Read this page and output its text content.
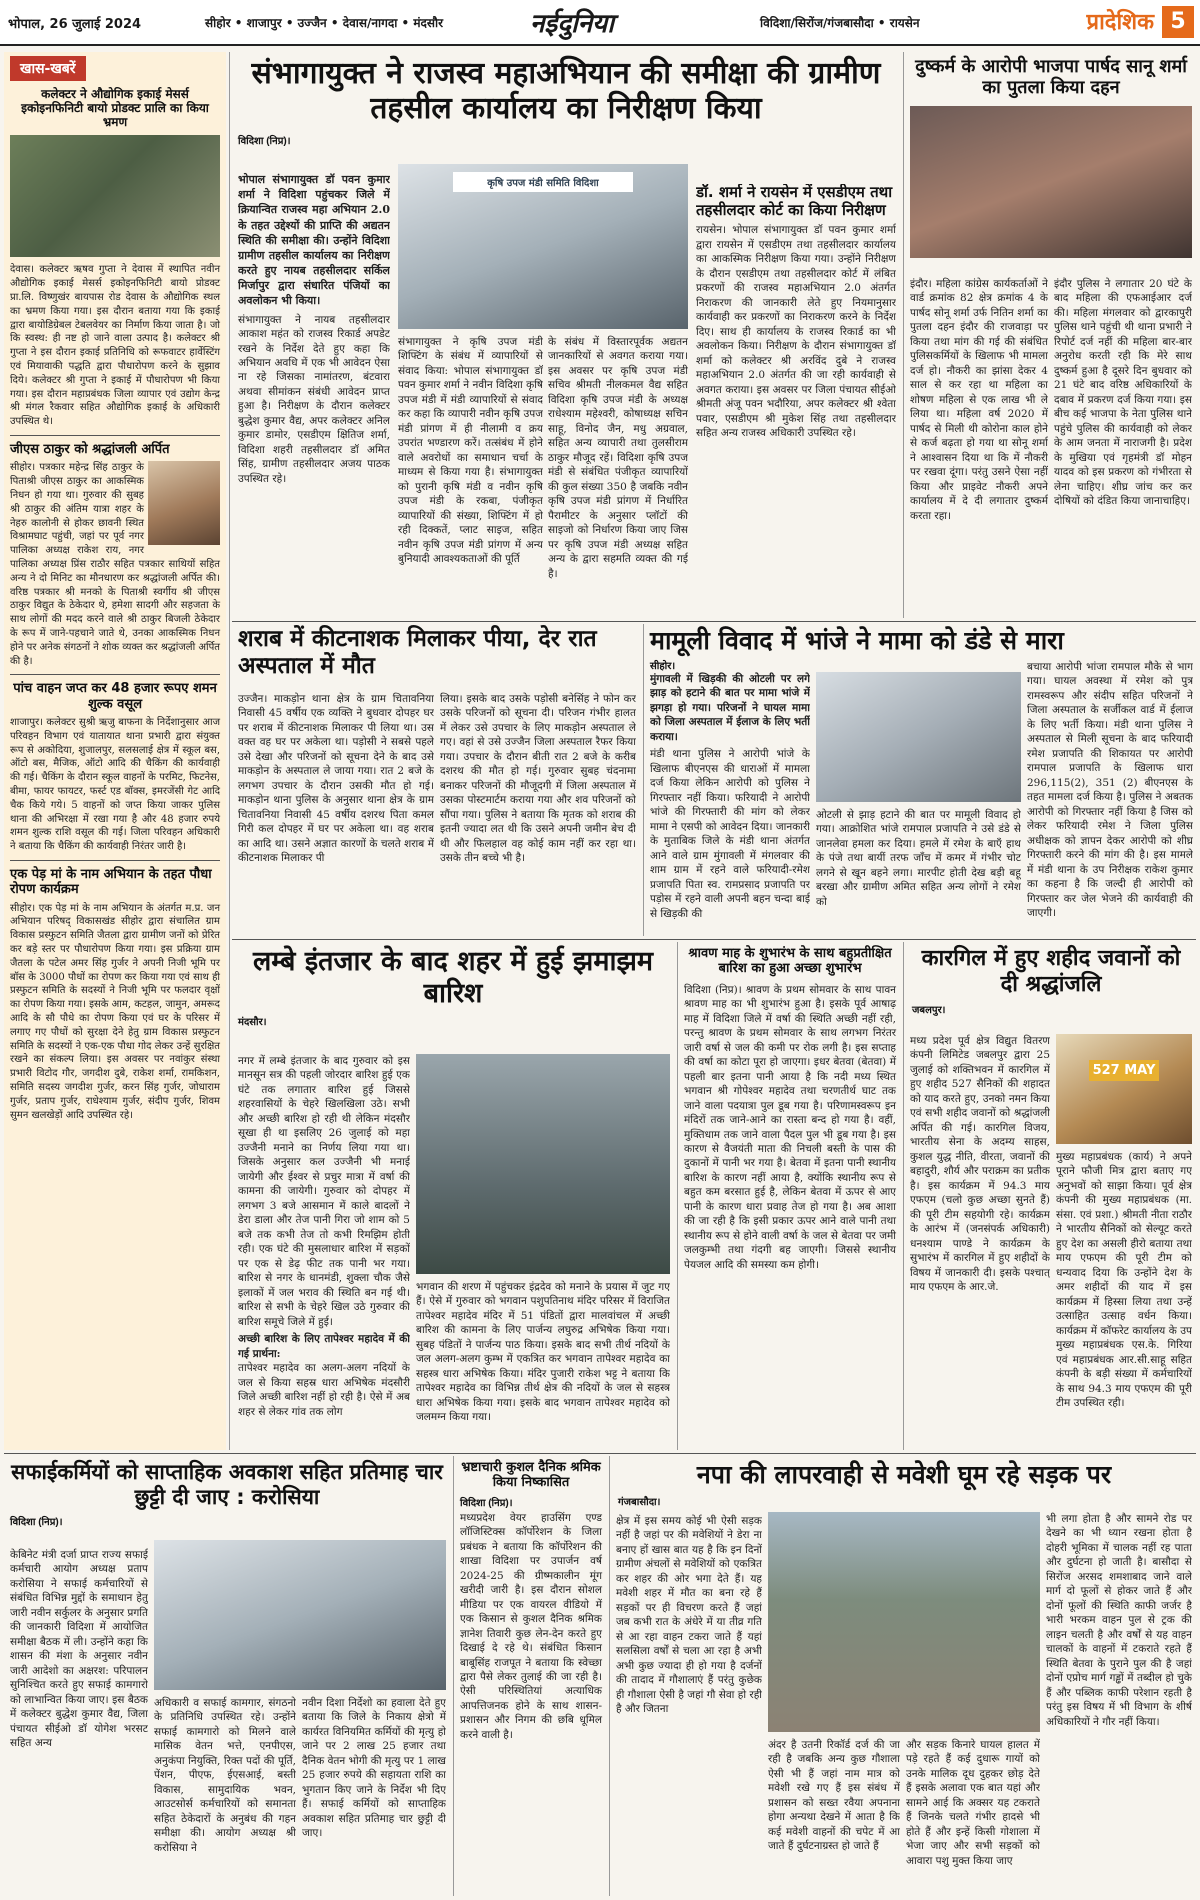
भोपाल, 26 जुलाई 2024	सीहोर • शाजापुर • उज्जैन • देवास/नागदा • मंदसौर	नईदुनिया	विदिशा/सिरोंज/गंजबासौदा • रायसेन	प्रादेशिक 5
खास-खबरें
कलेक्टर ने औद्योगिक इकाई मेसर्स इकोइनफिनिटी बायो प्रोडक्ट प्रालि का किया भ्रमण
देवास। कलेक्टर ऋषव गुप्ता ने देवास में स्थापित नवीन औद्योगिक इकाई मेसर्स इकोइनफिनिटी बायो प्रोडक्ट प्रा.लि. विष्णुखंर बायपास रोड देवास के औद्योगिक स्थल का भ्रमण किया गया। इस दौरान बताया गया कि इकाई द्वारा बायोडिग्रेबल टेबलवेयर का निर्माण किया जाता है। जो कि स्वस्थ: ही नष्ट हो जाने वाला उत्पाद है। कलेक्टर श्री गुप्ता ने इस दौरान इकाई प्रतिनिधि को रूफवाटर हार्वेस्टिंग एवं मियावाकी पद्धति द्वारा पौधारोपण करने के सुझाव दिये। कलेक्टर श्री गुप्ता ने इकाई में पौधारोपण भी किया गया। इस दौरान महाप्रबंधक जिला व्यापार एवं उद्योग केन्द्र श्री मंगल रैकवार सहित औद्योगिक इकाई के अधिकारी उपस्थित थे।
जीएस ठाकुर को श्रद्धांजली अर्पित
सीहोर। पत्रकार महेन्द्र सिंह ठाकुर के पिताश्री जीएस ठाकुर का आकस्मिक निधन हो गया था। गुरुवार की सुबह श्री ठाकुर की अंतिम यात्रा शहर के नेहरु कालोनी से होकर छावनी स्थित विश्रामघाट पहुंची, जहां पर पूर्व नगर पालिका अध्यक्ष राकेश राय, नगर पालिका अध्यक्ष प्रिंस राठौर सहित पत्रकार साथियों सहित अन्य ने दो मिनिट का मौनधारण कर श्रद्धांजली अर्पित की। वरिष्ठ पत्रकार श्री मनको के पिताश्री स्वर्गीय श्री जीएस ठाकुर विद्युत के ठेकेदार थे, हमेशा सादगी और सहजता के साथ लोगों की मदद करने वाले श्री ठाकुर बिजली ठेकेदार के रूप में जाने-पहचाने जाते थे, उनका आकस्मिक निधन होने पर अनेक संगठनों ने शोक व्यक्त कर श्रद्धांजली अर्पित की है।
पांच वाहन जप्त कर 48 हजार रूपए शमन शुल्क वसूल
शाजापुर। कलेक्टर सुश्री ऋजु बाफना के निर्देशानुसार आज परिवहन विभाग एवं यातायात थाना प्रभारी द्वारा संयुक्त रूप से अकोदिया, शुजालपुर, सलसलाई क्षेत्र में स्कूल बस, ऑटो बस, मैजिक, ऑटो आदि की चैकिंग की कार्यवाही की गई। चैकिंग के दौरान स्कूल वाहनों के परमिट, फिटनेस, बीमा, फायर फायटर, फर्स्ट एड बॉक्स, इमरजेंसी गेट आदि चैक किये गये। 5 वाहनों को जप्त किया जाकर पुलिस थाना की अभिरक्षा में रखा गया है और 48 हजार रुपये शमन शुल्क राशि वसूल की गई। जिला परिवहन अधिकारी ने बताया कि चैकिंग की कार्यवाही निरंतर जारी है।
एक पेड़ मां के नाम अभियान के तहत पौधा रोपण कार्यक्रम
सीहोर। एक पेड़ मां के नाम अभियान के अंतर्गत म.प्र. जन अभियान परिषद् विकासखंड सीहोर द्वारा संचालित ग्राम विकास प्रस्फुटन समिति जैतला द्वारा ग्रामीण जनों को प्रेरित कर बड़े स्तर पर पौधारोपण किया गया। इस प्रक्रिया ग्राम जैतला के पटेल अमर सिंह गुर्जर ने अपनी निजी भूमि पर बॉस के 3000 पौधों का रोपण कर किया गया एवं साथ ही प्रस्फुटन समिति के सदस्यों ने निजी भूमि पर फलदार वृक्षों का रोपण किया गया। इसके आम, कटहल, जामुन, अमरूद आदि के सौ पौधे का रोपण किया एवं घर के परिसर में लगाए गए पौधों को सुरक्षा देने हेतु ग्राम विकास प्रस्फुटन समिति के सदस्यों ने एक-एक पौधा गोद लेकर उन्हें सुरक्षित रखने का संकल्प लिया। इस अवसर पर नवांकुर संस्था प्रभारी विटोद गौर, जगदीश दुबे, राकेश शर्मा, रामकिशन, समिति सदस्य जगदीश गुर्जर, करन सिंह गुर्जर, जोधाराम गुर्जर, प्रताप गुर्जर, राधेश्याम गुर्जर, संदीप गुर्जर, शिवम सुमन खलखेड़ों आदि उपस्थित रहे।
संभागायुक्त ने राजस्व महाअभियान की समीक्षा की ग्रामीण तहसील कार्यालय का निरीक्षण किया
विदिशा (निप्र)।
भोपाल संभागायुक्त डॉ पवन कुमार शर्मा ने विदिशा पहुंचकर जिले में क्रियान्वित राजस्व महा अभियान 2.0 के तहत उद्देश्यों की प्राप्ति की अद्यतन स्थिति की समीक्षा की। उन्होंने विदिशा ग्रामीण तहसील कार्यालय का निरीक्षण करते हुए नायब तहसीलदार सर्किल मिर्जापुर द्वारा संधारित पंजियों का अवलोकन भी किया।
संभागायुक्त ने नायब तहसीलदार आकाश महंत को राजस्व रिकार्ड अपडेट रखने के निर्देश देते हुए कहा कि अभियान अवधि में एक भी आवेदन ऐसा ना रहे जिसका नामांतरण, बंटवारा अथवा सीमांकन संबंधी आवेदन प्राप्त हुआ है। निरीक्षण के दौरान कलेक्टर बुद्धेश कुमार वैद्य, अपर कलेक्टर अनिल कुमार डामोर, एसडीएम क्षितिज शर्मा, विदिशा शहरी तहसीलदार डॉ अमित सिंह, ग्रामीण तहसीलदार अजय पाठक उपस्थित रहे।
कृषि उपज मंडी समिति विदिशा
संभागायुक्त ने कृषि उपज मंडी शिफ्टिंग के संबंध में व्यापारियों से संवाद किया: भोपाल संभागायुक्त डॉ पवन कुमार शर्मा ने नवीन विदिशा कृषि उपज मंडी में मंडी व्यापारियों से संवाद कर कहा कि व्यापारी नवीन कृषि उपज मंडी प्रांगण में ही नीलामी व क्रय उपरांत भण्डारण करें। तत्संबंध में होने वाले अवरोधों का समाधान चर्चा के माध्यम से किया गया है। संभागायुक्त को पुरानी कृषि मंडी व नवीन कृषि उपज मंडी के रकबा, पंजीकृत व्यापारियों की संख्या, शिफ्टिंग में हो रही दिक्कतें, प्लाट साइज, सहित नवीन कृषि उपज मंडी प्रांगण में अन्य बुनियादी आवश्यकताओं की पूर्ति
के संबंध में विस्तारपूर्वक अद्यतन जानकारियों से अवगत कराया गया। इस अवसर पर कृषि उपज मंडी सचिव श्रीमती नीलकमल वैद्य सहित विदिशा कृषि उपज मंडी के अध्यक्ष राधेश्याम महेश्वरी, कोषाध्यक्ष सचिन साहू, विनोद जैन, मधु अग्रवाल, सहित अन्य व्यापारी तथा तुलसीराम ठाकुर मौजूद रहें। विदिशा कृषि उपज मंडी से संबंधित पंजीकृत व्यापारियों की कुल संख्या 350 है जबकि नवीन कृषि उपज मंडी प्रांगण में निर्धारित पैरामीटर के अनुसार प्लॉटों की साइजो को निर्धारण किया जाए जिस पर कृषि उपज मंडी अध्यक्ष सहित अन्य के द्वारा सहमति व्यक्त की गई है।
डॉ. शर्मा ने रायसेन में एसडीएम तथा तहसीलदार कोर्ट का किया निरीक्षण
रायसेन। भोपाल संभागायुक्त डॉ पवन कुमार शर्मा द्वारा रायसेन में एसडीएम तथा तहसीलदार कार्यालय का आकस्मिक निरीक्षण किया गया। उन्होंने निरीक्षण के दौरान एसडीएम तथा तहसीलदार कोर्ट में लंबित प्रकरणों की राजस्व महाअभियान 2.0 अंतर्गत निराकरण की जानकारी लेते हुए नियमानुसार कार्यवाही कर प्रकरणों का निराकरण करने के निर्देश दिए। साथ ही कार्यालय के राजस्व रिकार्ड का भी अवलोकन किया। निरीक्षण के दौरान संभागायुक्त डॉ शर्मा को कलेक्टर श्री अरविंद दुबे ने राजस्व महाअभियान 2.0 अंतर्गत की जा रही कार्यवाही से अवगत कराया। इस अवसर पर जिला पंचायत सीईओ श्रीमती अंजू पवन भदौरिया, अपर कलेक्टर श्री श्वेता पवार, एसडीएम श्री मुकेश सिंह तथा तहसीलदार सहित अन्य राजस्व अधिकारी उपस्थित रहे।
दुष्कर्म के आरोपी भाजपा पार्षद सानू शर्मा का पुतला किया दहन
इंदौर। महिला कांग्रेस कार्यकर्ताओं ने वार्ड क्रमांक 82 क्षेत्र क्रमांक 4 के पार्षद सोनू शर्मा उर्फ नितिन शर्मा का पुतला दहन इंदौर की राजवाड़ा पर किया तथा मांग की गई की संबंधित पुलिसकर्मियों के खिलाफ भी मामला दर्ज हो। नौकरी का झांसा देकर 4 साल से कर रहा था महिला का शोषण महिला से एक लाख भी ले लिया था। महिला वर्ष 2020 में पार्षद से मिली थी कोरोना काल होने से कर्ज बढ़ता हो गया था सोनू शर्मा ने आश्वासन दिया था कि में नौकरी पर रखवा दूंगा। परंतु उसने ऐसा नहीं किया और प्राइवेट नौकरी अपने कार्यालय में दे दी लगातार दुष्कर्म करता रहा।
इंदौर पुलिस ने लगातार 20 घंटे के बाद महिला की एफआईआर दर्ज की। महिला मंगलवार को द्वारकापुरी पुलिस थाने पहुंची थी थाना प्रभारी ने रिपोर्ट दर्ज नहीं की महिला बार-बार अनुरोध करती रही कि मेरे साथ दुष्कर्म हुआ है दूसरे दिन बुधवार को 21 घंटे बाद वरिष्ठ अधिकारियों के दबाव में प्रकरण दर्ज किया गया। इस बीच कई भाजपा के नेता पुलिस थाने पहुंचे पुलिस की कार्यवाही को लेकर के आम जनता में नाराजगी है। प्रदेश के मुखिया एवं गृहमंत्री डॉ मोहन यादव को इस प्रकरण को गंभीरता से लेना चाहिए। शीघ्र जांच कर कर दोषियों को दंडित किया जानाचाहिए।
शराब में कीटनाशक मिलाकर पीया, देर रात अस्पताल में मौत
उज्जैन। माकड़ोन थाना क्षेत्र के ग्राम चितावनिया निवासी 45 वर्षीय एक व्यक्ति ने बुधवार दोपहर घर पर शराब में कीटनाशक मिलाकर पी लिया था। उस वक्त वह घर पर अकेला था। पड़ोसी ने सबसे पहले उसे देखा और परिजनों को सूचना देने के बाद उसे माकड़ोन के अस्पताल ले जाया गया। रात 2 बजे के लगभग उपचार के दौरान उसकी मौत हो गई। माकड़ोन थाना पुलिस के अनुसार थाना क्षेत्र के ग्राम चितावनिया निवासी 45 वर्षीय दशरथ पिता कमल गिरी कल दोपहर में घर पर अकेला था। वह शराब का आदि था। उसने अज्ञात कारणों के चलते शराब में कीटनाशक मिलाकर पी
लिया। इसके बाद उसके पड़ोसी बनेसिंह ने फोन कर उसके परिजनों को सूचना दी। परिजन गंभीर हालत में लेकर उसे उपचार के लिए माकड़ोन अस्पताल ले गए। वहां से उसे उज्जैन जिला अस्पताल रैफर किया गया। उपचार के दौरान बीती रात 2 बजे के करीब दशरथ की मौत हो गई। गुरुवार सुबह चंदनामा बनाकर परिजनों की मौजूदगी में जिला अस्पताल में उसका पोस्टमार्टम कराया गया और शव परिजनों को सौंपा गया। पुलिस ने बताया कि मृतक को शराब की इतनी ज्यादा लत थी कि उसने अपनी जमीन बेच दी थी और फिलहाल वह कोई काम नहीं कर रहा था। उसके तीन बच्चे भी है।
मामूली विवाद में भांजे ने मामा को डंडे से मारा
सीहोर।
मुंगावली में खिड़की की ओटली पर लगे झाड़ को हटाने की बात पर मामा भांजे में झगड़ा हो गया। परिजनों ने घायल मामा को जिला अस्पताल में ईलाज के लिए भर्ती कराया।
मंडी थाना पुलिस ने आरोपी भांजे के खिलाफ बीएनएस की धाराओं में मामला दर्ज किया लेकिन आरोपी को पुलिस ने गिरफ्तार नहीं किया। फरियादी ने आरोपी भांजे की गिरफ्तारी की मांग को लेकर मामा ने एसपी को आवेदन दिया। जानकारी के मुताबिक जिले के मंडी थाना अंतर्गत आने वाले ग्राम मुंगावली में मंगलवार की शाम ग्राम में रहने वाले फरियादी-रमेश प्रजापति पिता स्व. रामप्रसाद प्रजापति पर पड़ोस में रहने वाली अपनी बहन चन्दा बाई से खिड़की की
ओटली से झाड़ हटाने की बात पर मामूली विवाद हो गया। आक्रोशित भांजे रामपाल प्रजापति ने उसे डंडे से जानलेवा हमला कर दिया। हमले में रमेश के बाएँ हाथ के पंजे तथा बायीं तरफ जाँच में कमर में गंभीर चोट लगने से खून बहने लगा। मारपीट होती देख बड़ी बहू बरखा और ग्रामीण अमित सहित अन्य लोगों ने रमेश को
बचाया आरोपी भांजा रामपाल मौके से भाग गया। घायल अवस्था में रमेश को पुत्र रामस्वरूप और संदीप सहित परिजनों ने जिला अस्पताल के सर्जीकल वार्ड में ईलाज के लिए भर्ती किया। मंडी थाना पुलिस ने अस्पताल से मिली सूचना के बाद फरियादी रमेश प्रजापति की शिकायत पर आरोपी रामपाल प्रजापति के खिलाफ धारा 296,115(2), 351 (2) बीएनएस के तहत मामला दर्ज किया है। पुलिस ने अबतक आरोपी को गिरफ्तार नहीं किया है जिस को लेकर फरियादी रमेश ने जिला पुलिस अधीक्षक को ज्ञापन देकर आरोपी को शीघ्र गिरफ्तारी करने की मांग की है। इस मामले में मंडी थाना के उप निरीक्षक राकेश कुमार का कहना है कि जल्दी ही आरोपी को गिरफ्तार कर जेल भेजने की कार्यवाही की जाएगी।
लम्बे इंतजार के बाद शहर में हुई झमाझम बारिश
मंदसौर।
नगर में लम्बे इंतजार के बाद गुरुवार को इस मानसून सत्र की पहली जोरदार बारिश हुई एक घंटे तक लगातार बारिश हुई जिससे शहरवासियों के चेहरे खिलखिला उठे। सभी और अच्छी बारिश हो रही थी लेकिन मंदसौर सूखा ही था इसलिए 26 जुलाई को महा उज्जैनी मनाने का निर्णय लिया गया था। जिसके अनुसार कल उज्जैनी भी मनाई जायेगी और ईश्वर से प्रचुर मात्रा में वर्षा की कामना की जायेगी। गुरुवार को दोपहर में लगभग 3 बजे आसमान में काले बादलों ने डेरा डाला और तेज पानी गिरा जो शाम को 5 बजे तक कभी तेज तो कभी रिमझिम होती रही। एक घंटे की मुसलाधार बारिश में सड़कों पर एक से डेढ़ फीट तक पानी भर गया। बारिश से नगर के धानमंडी, शुक्ला चौक जैसे इलाकों में जल भराव की स्थिति बन गई थी। बारिश से सभी के चेहरे खिल उठे गुरुवार की बारिश समूचे जिले में हुई।
अच्छी बारिश के लिए तापेश्वर महादेव में की गई प्रार्थना:
तापेश्वर महादेव का अलग-अलग नदियों के जल से किया सहस्र धारा अभिषेक मंदसौरी जिले अच्छी बारिश नहीं हो रही है। ऐसे में अब शहर से लेकर गांव तक लोग
भगवान की शरण में पहुंचकर इंद्रदेव को मनाने के प्रयास में जुट गए हैं। ऐसे में गुरुवार को भगवान पशुपतिनाथ मंदिर परिसर में विराजित तापेश्वर महादेव मंदिर में 51 पंडितों द्वारा मालवांचल में अच्छी बारिश की कामना के लिए पार्जन्य लघुरुद्र अभिषेक किया गया। सुबह पंडितों ने पार्जन्य पाठ किया। इसके बाद सभी तीर्थ नदियों के जल अलग-अलग कुम्भ में एकत्रित कर भगवान तापेश्वर महादेव का सहस्त्र धारा अभिषेक किया। मंदिर पुजारी राकेश भट्ट ने बताया कि तापेश्वर महादेव का विभिन्न तीर्थ क्षेत्र की नदियों के जल से सहस्त्र धारा अभिषेक किया गया। इसके बाद भगवान तापेश्वर महादेव को जलमग्न किया गया।
श्रावण माह के शुभारंभ के साथ बहुप्रतीक्षित बारिश का हुआ अच्छा शुभारंभ
विदिशा (निप्र)। श्रावण के प्रथम सोमवार के साथ पावन श्रावण माह का भी शुभारंभ हुआ है। इसके पूर्व आषाढ़ माह में विदिशा जिले में वर्षा की स्थिति अच्छी नहीं रही, परन्तु श्रावण के प्रथम सोमवार के साथ लगभग निरंतर जारी वर्षा से जल की कमी पर रोक लगी है। इस सप्ताह की वर्षा का कोटा पूरा हो जाएगा। इधर बेतवा (बेतवा) में पहली बार इतना पानी आया है कि नदी मध्य स्थित भगवान श्री गोपेश्वर महादेव तथा चरणतीर्थ घाट तक जाने वाला पदयात्रा पुल डूब गया है। परिणामस्वरूप इन मंदिरों तक जाने-आने का रास्ता बन्द हो गया है। वहीं, मुक्तिधाम तक जाने वाला पैदल पुल भी डूब गया है। इस कारण से वैजयंती माता की निचली बस्ती के पास की दुकानों में पानी भर गया है। बेतवा में इतना पानी स्थानीय बारिश के कारण नहीं आया है, क्योंकि स्थानीय रूप से बहुत कम बरसात हुई है, लेकिन बेतवा में ऊपर से आए पानी के कारण धारा प्रवाह तेज हो गया है। अब आशा की जा रही है कि इसी प्रकार ऊपर आने वाले पानी तथा स्थानीय रूप से होने वाली वर्षा के जल से बेतवा पर जमी जलकुम्भी तथा गंदगी बह जाएगी। जिससे स्थानीय पेयजल आदि की समस्या कम होगी।
कारगिल में हुए शहीद जवानों को दी श्रद्धांजलि
जबलपुर।
मध्य प्रदेश पूर्व क्षेत्र विद्युत वितरण कंपनी लिमिटेड जबलपुर द्वारा 25 जुलाई को शक्तिभवन में कारगिल में हुए शहीद 527 सैनिकों की शहादत को याद करते हुए, उनको नमन किया एवं सभी शहीद जवानों को श्रद्धांजली अर्पित की गई। कारगिल विजय, भारतीय सेना के अदम्य साहस, कुशल युद्ध नीति, वीरता, जवानों की बहादुरी, शौर्य और पराक्रम का प्रतीक है। इस कार्यक्रम में 94.3 माय एफएम (चलो कुछ अच्छा सुनते हैं) की पूरी टीम सहयोगी रहे। कार्यक्रम के आरंभ में (जनसंपर्क अधिकारी) धनश्याम पाण्डे ने कार्यक्रम के सुभारंभ में कारगिल में हुए शहीदों के विषय में जानकारी दी। इसके पश्चात् माय एफएम के आर.जे.
527 MAY
मुख्य महाप्रबंधक (कार्य) ने अपने पूराने फौजी मित्र द्वारा बताए गए अनुभवों को साझा किया। पूर्व क्षेत्र कंपनी की मुख्य महाप्रबंधक (मा. संसा. एवं प्रशा.) श्रीमती नीता राठौर ने भारतीय सैनिकों को सेल्यूट करते हुए देश का असली हीरो बताया तथा माय एफएम की पूरी टीम को धन्यवाद दिया कि उन्होंने देश के अमर शहीदों की याद में इस कार्यक्रम में हिस्सा लिया तथा उन्हें उत्साहित उत्साह वर्धन किया। कार्यक्रम में कॉफरेट कार्यालय के उप मुख्य महाप्रबंधक एस.के. गिरिया एवं महाप्रबंधक आर.सी.साहू सहित कंपनी के बड़ी संख्या में कर्मचारियों के साथ 94.3 माय एफएम की पूरी टीम उपस्थित रही।
सफाईकर्मियों को साप्ताहिक अवकाश सहित प्रतिमाह चार छुट्टी दी जाए : करोसिया
विदिशा (निप्र)।
केबिनेट मंत्री दर्जा प्राप्त राज्य सफाई कर्मचारी आयोग अध्यक्ष प्रताप करोसिया ने सफाई कर्मचारियों से संबंधित विभिन्न मुद्दों के समाधान हेतु जारी नवीन सर्कुलर के अनुसार प्रगति की जानकारी विदिशा में आयोजित समीक्षा बैठक में ली। उन्होंने कहा कि शासन की मंशा के अनुसार नवीन जारी आदेशो का अक्षरश: परिपालन सुनिश्चित करते हुए सफाई कामगारो को लाभान्वित किया जाए। इस बैठक में कलेक्टर बुद्धेश कुमार वैद्य, जिला पंचायत सीईओ डॉ योगेश भरसट सहित अन्य
अधिकारी व सफाई कामगार, संगठनो के प्रतिनिधि उपस्थित रहे। उन्होंने सफाई कामगारो को मिलने वाले मासिक वेतन भत्ते, एनपीएस, अनुकंपा नियुक्ति, रिक्त पदों की पूर्ति, पेंशन, पीएफ, ईएसआई, बस्ती विकास, सामुदायिक भवन, आउटसोर्स कर्मचारियों को समानता सहित ठेकेदारों के अनुबंध की गहन समीक्षा की। आयोग अध्यक्ष श्री करोसिया ने
नवीन दिशा निर्देशो का हवाला देते हुए बताया कि जिले के निकाय क्षेत्रो में कार्यरत विनियमित कर्मियों की मृत्यु हो जाने पर 2 लाख 25 हजार तथा दैनिक वेतन भोगी की मृत्यु पर 1 लाख 25 हजार रुपये की सहायता राशि का भुगतान किए जाने के निर्देश भी दिए हैं। सफाई कर्मियों को साप्ताहिक अवकाश सहित प्रतिमाह चार छुट्टी दी जाए।
भ्रष्टाचारी कुशल दैनिक श्रमिक किया निष्कासित
विदिशा (निप्र)।
मध्यप्रदेश वेयर हाउसिंग एण्ड लॉजिस्टिक्स कॉर्पोरेशन के जिला प्रबंधक ने बताया कि कॉर्पोरेशन की शाखा विदिशा पर उपार्जन वर्ष 2024-25 की ग्रीष्मकालीन मूंग खरीदी जारी है। इस दौरान सोशल मीडिया पर एक वायरल वीडियो में एक किसान से कुशल दैनिक श्रमिक ज्ञानेश तिवारी कुछ लेन-देन करते हुए दिखाई दे रहे थे। संबंधित किसान बाबूसिंह राजपूत ने बताया कि स्वेच्छा द्वारा पैसे लेकर तुलाई की जा रही है। ऐसी परिस्थितियां अत्याधिक आपत्तिजनक होने के साथ शासन-प्रशासन और निगम की छबि धूमिल करने वाली है।
नपा की लापरवाही से मवेशी घूम रहे सड़क पर
गंजबासौदा।
क्षेत्र में इस समय कोई भी ऐसी सड़क नहीं है जहां पर की मवेशियों ने डेरा ना बनाए हों खास बात यह है कि इन दिनों ग्रामीण अंचलों से मवेशियों को एकत्रित कर शहर की ओर भगा देते हैं। यह मवेशी शहर में मौत का बना रहे हैं सड़कों पर ही विचरण करते हैं जहां जब कभी रात के अंधेरे में या तीव्र गति से आ रहा वाहन टकरा जाते हैं यहां सलसिला वर्षों से चला आ रहा है अभी अभी कुछ ज्यादा ही हो गया है दर्जनों की तादाद में गौशालाएं हैं परंतु कुछेक ही गौशाला ऐसी है जहां गौ सेवा हो रही है और जितना
अंदर है उतनी रिकॉर्ड दर्ज की जा रही है जबकि अन्य कुछ गौशाला ऐसी भी हैं जहां नाम मात्र को मवेशी रखे गए हैं इस संबंध में प्रशासन को सख्त रवैया अपनाना होगा अन्यथा देखने में आता है कि कई मवेशी वाहनों की चपेट में आ जाते हैं दुर्घटनाग्रस्त हो जाते हैं
और सड़क किनारे घायल हालत में पड़े रहते हैं कई दुधारू गायों को उनके मालिक दूध दुहकर छोड़ देते हैं इसके अलावा एक बात यहां और सामने आई कि अक्सर यह टकराते हैं जिनके चलते गंभीर हादसे भी होते हैं और इन्हें किसी गोशाला में भेजा जाए और सभी सड़कों को आवारा पशु मुक्त किया जाए
भी लगा होता है और सामने रोड पर देखने का भी ध्यान रखना होता है दोहरी भूमिका में चालक नहीं रह पाता और दुर्घटना हो जाती है। बासौदा से सिरोंज अरसद शमशाबाद जाने वाले मार्ग दो फूलों से होकर जाते हैं और दोनों फूलों की स्थिति काफी जर्जर है भारी भरकम वाहन पुल से ट्रक की लाइन चलती है और वर्षों से यह वाहन चालकों के वाहनों में टकराते रहते हैं स्थिति बेतवा के पुराने पुल की है जहां दोनों एप्रोच मार्ग गड्ढों में तब्दील हो चुके हैं और पब्लिक काफी परेशान रहती है परंतु इस विषय में भी विभाग के शीर्ष अधिकारियों ने गौर नहीं किया।
